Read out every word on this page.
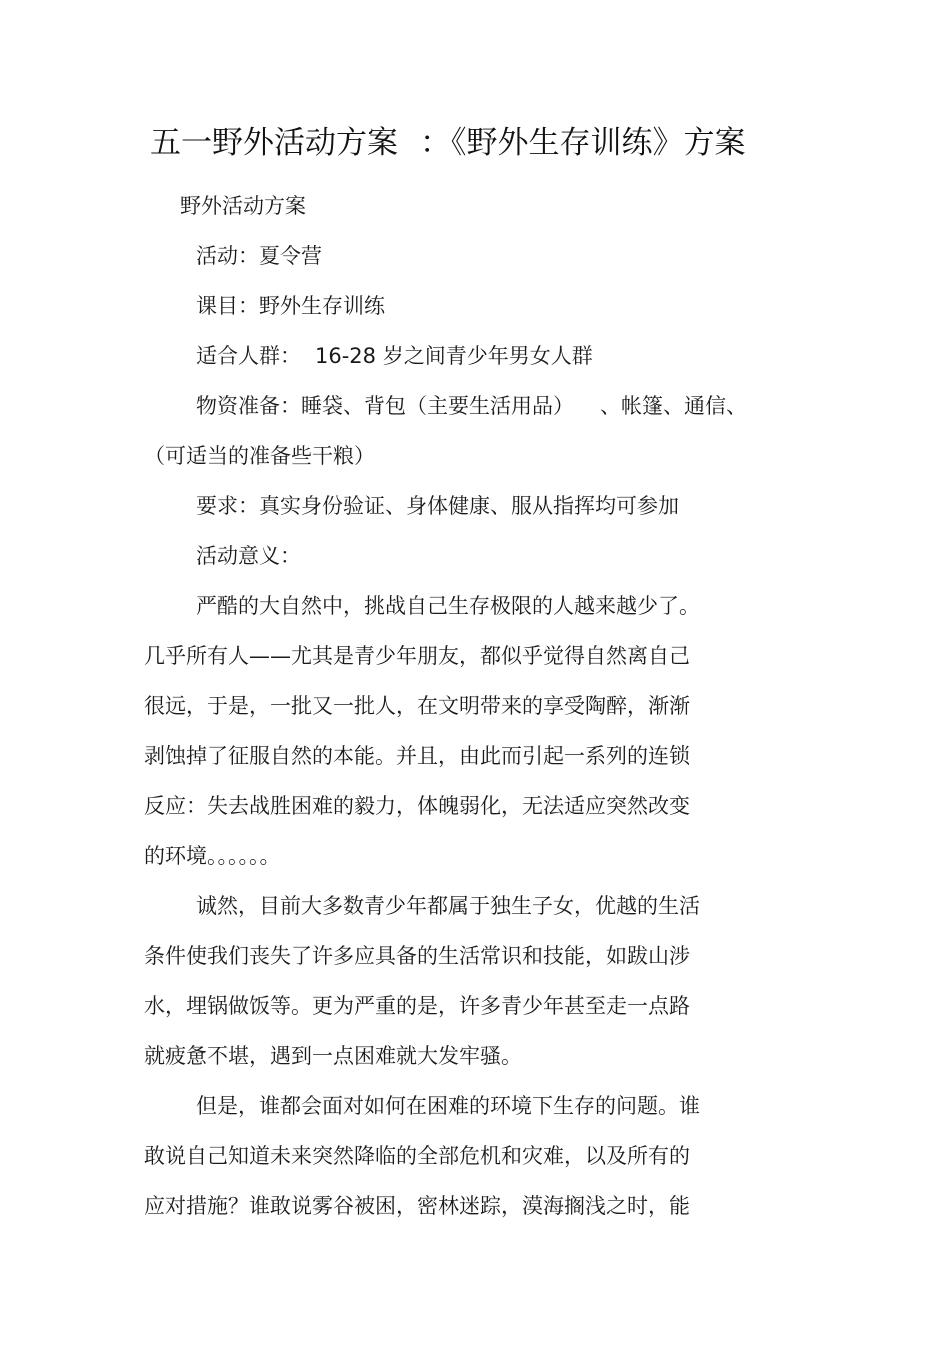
五一野外活动方案 ：《野外生存训练》方案
野外活动方案
活动：夏令营
课目：野外生存训练
适合人群： 16-28 岁之间青少年男女人群
物资准备：睡袋、背包（主要生活用品） 、帐篷、通信、
（可适当的准备些干粮）
要求：真实身份验证、身体健康、服从指挥均可参加
活动意义：
严酷的大自然中，挑战自己生存极限的人越来越少了。
几乎所有人——尤其是青少年朋友，都似乎觉得自然离自己
很远，于是，一批又一批人，在文明带来的享受陶醉，渐渐
剥蚀掉了征服自然的本能。并且，由此而引起一系列的连锁
反应：失去战胜困难的毅力，体魄弱化，无法适应突然改变
的环境。。。。。。
诚然，目前大多数青少年都属于独生子女，优越的生活
条件使我们丧失了许多应具备的生活常识和技能，如跋山涉
水，埋锅做饭等。更为严重的是，许多青少年甚至走一点路
就疲惫不堪，遇到一点困难就大发牢骚。
但是，谁都会面对如何在困难的环境下生存的问题。谁
敢说自己知道未来突然降临的全部危机和灾难，以及所有的
应对措施？谁敢说雾谷被困，密林迷踪，漠海搁浅之时，能
